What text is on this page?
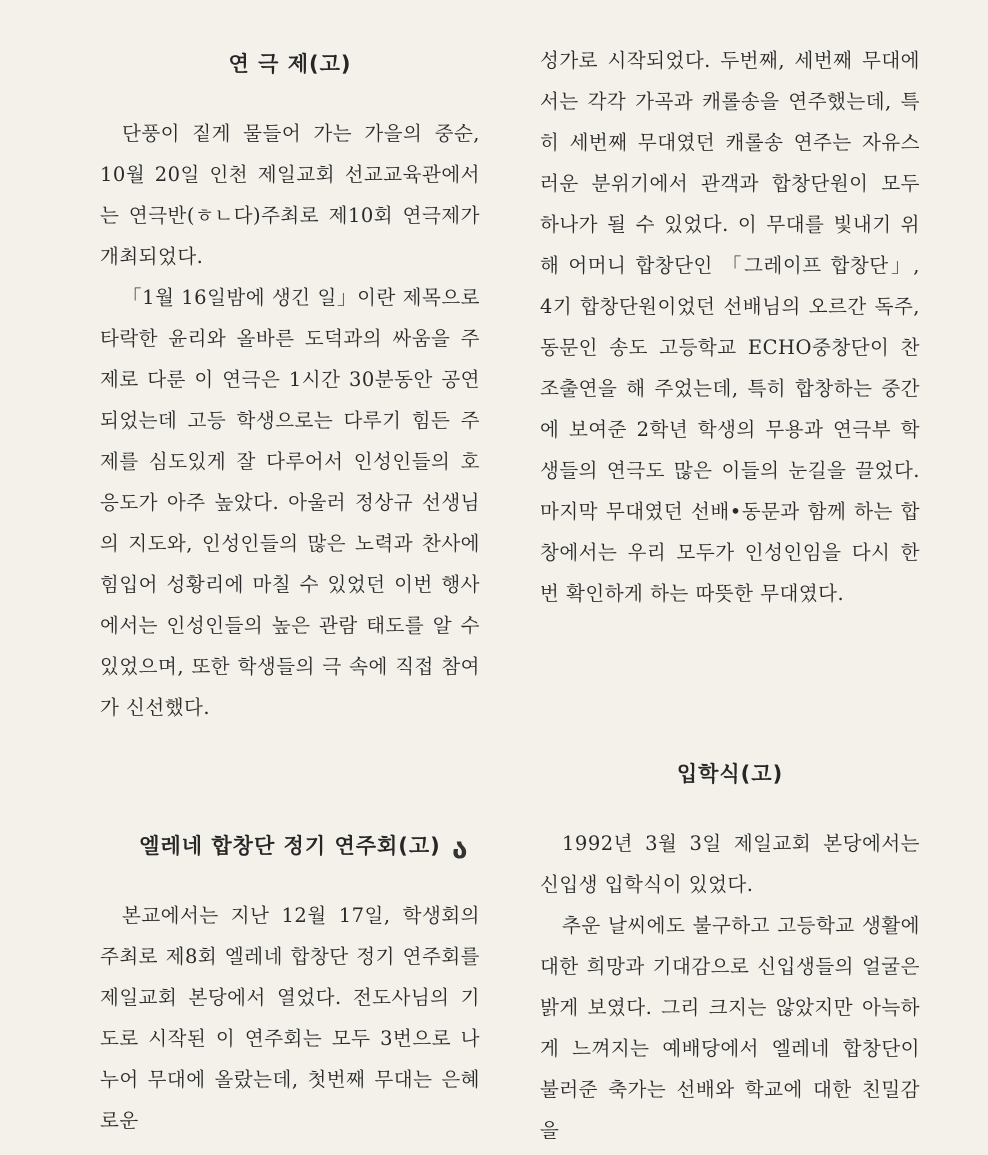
연 극 제(고)

단풍이 짙게 물들어 가는 가을의 중순, 10월 20일 인천 제일교회 선교교육관에서는 연극반(ㅎㄴ다)주최로 제10회 연극제가 개최되었다.

「1월 16일밤에 생긴 일」이란 제목으로 타락한 윤리와 올바른 도덕과의 싸움을 주제로 다룬 이 연극은 1시간 30분동안 공연되었는데 고등 학생으로는 다루기 힘든 주제를 심도있게 잘 다루어서 인성인들의 호응도가 아주 높았다. 아울러 정상규 선생님의 지도와, 인성인들의 많은 노력과 찬사에 힘입어 성황리에 마칠 수 있었던 이번 행사에서는 인성인들의 높은 관람 태도를 알 수 있었으며, 또한 학생들의 극 속에 직접 참여가 신선했다.

엘레네 합창단 정기 연주회(고)

본교에서는 지난 12월 17일, 학생회의 주최로 제8회 엘레네 합창단 정기 연주회를 제일교회 본당에서 열었다. 전도사님의 기도로 시작된 이 연주회는 모두 3번으로 나누어 무대에 올랐는데, 첫번째 무대는 은혜로운

ა

성가로 시작되었다. 두번째, 세번째 무대에서는 각각 가곡과 캐롤송을 연주했는데, 특히 세번째 무대였던 캐롤송 연주는 자유스러운 분위기에서 관객과 합창단원이 모두 하나가 될 수 있었다. 이 무대를 빛내기 위해 어머니 합창단인 「그레이프 합창단」, 4기 합창단원이었던 선배님의 오르간 독주, 동문인 송도 고등학교 ECHO중창단이 찬조출연을 해 주었는데, 특히 합창하는 중간에 보여준 2학년 학생의 무용과 연극부 학생들의 연극도 많은 이들의 눈길을 끌었다. 마지막 무대였던 선배•동문과 함께 하는 합창에서는 우리 모두가 인성인임을 다시 한번 확인하게 하는 따뜻한 무대였다.

입학식(고)

1992년 3월 3일 제일교회 본당에서는 신입생 입학식이 있었다.

추운 날씨에도 불구하고 고등학교 생활에 대한 희망과 기대감으로 신입생들의 얼굴은 밝게 보였다. 그리 크지는 않았지만 아늑하게 느껴지는 예배당에서 엘레네 합창단이 불러준 축가는 선배와 학교에 대한 친밀감을
